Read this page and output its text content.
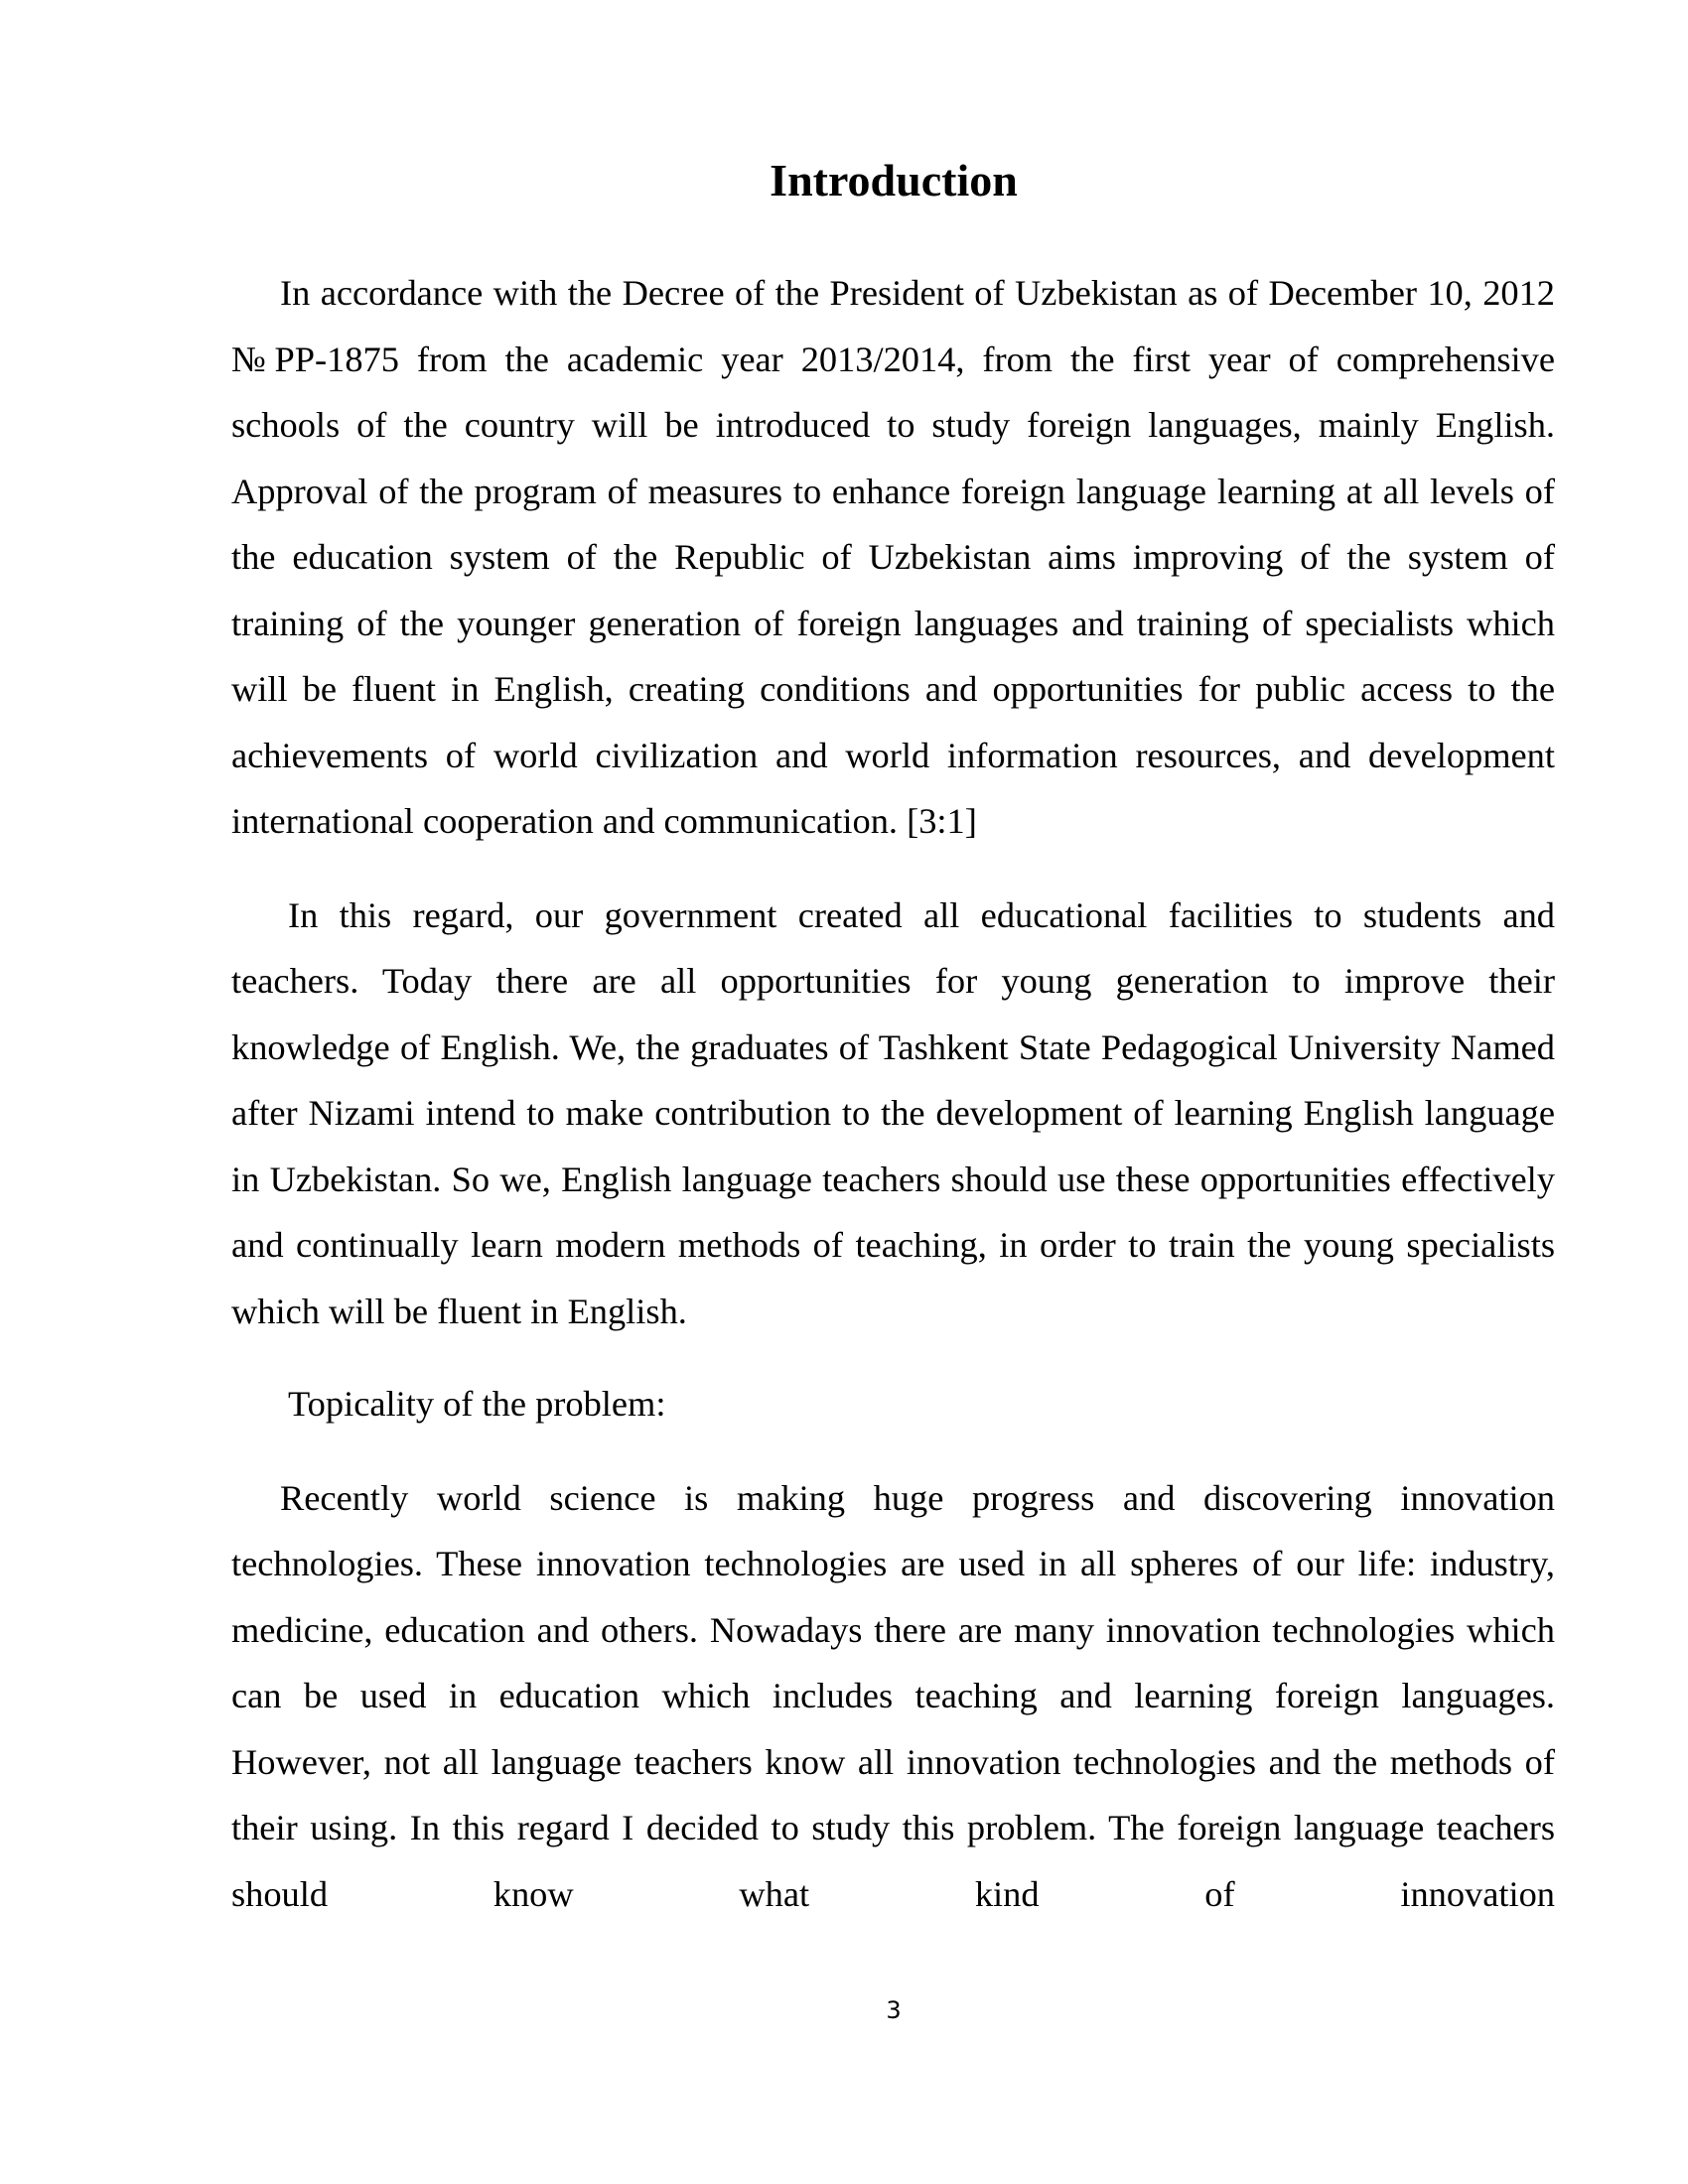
Introduction

In accordance with the Decree of the President of Uzbekistan as of December 10, 2012 №PP-1875 from the academic year 2013/2014, from the first year of comprehensive schools of the country will be introduced to study foreign languages, mainly English. Approval of the program of measures to enhance foreign language learning at all levels of the education system of the Republic of Uzbekistan aims improving of the system of training of the younger generation of foreign languages and training of specialists which will be fluent in English, creating conditions and opportunities for public access to the achievements of world civilization and world information resources, and development international cooperation and communication. [3:1]

In this regard, our government created all educational facilities to students and teachers. Today there are all opportunities for young generation to improve their knowledge of English. We, the graduates of Tashkent State Pedagogical University Named after Nizami intend to make contribution to the development of learning English language in Uzbekistan. So we, English language teachers should use these opportunities effectively and continually learn modern methods of teaching, in order to train the young specialists which will be fluent in English.

Topicality of the problem:

Recently world science is making huge progress and discovering innovation technologies. These innovation technologies are used in all spheres of our life: industry, medicine, education and others. Nowadays there are many innovation technologies which can be used in education which includes teaching and learning foreign languages. However, not all language teachers know all innovation technologies and the methods of their using. In this regard I decided to study this problem. The foreign language teachers should know what kind of innovation

3
